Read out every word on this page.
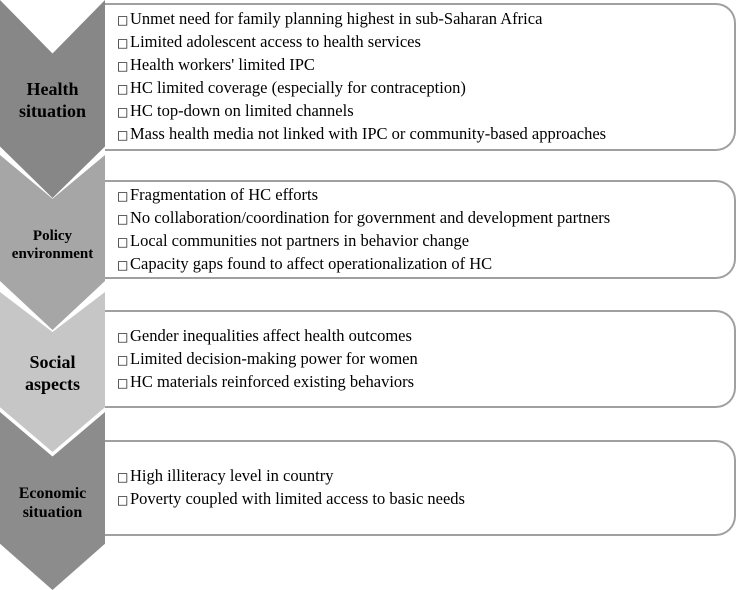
Health
situation
□ Unmet need for family planning highest in sub-Saharan Africa
□ Limited adolescent access to health services
□ Health workers' limited IPC
□ HC limited coverage (especially for contraception)
□ HC top-down on limited channels
□ Mass health media not linked with IPC or community-based approaches
Policy
environment
□ Fragmentation of HC efforts
□ No collaboration/coordination for government and development partners
□ Local communities not partners in behavior change
□ Capacity gaps found to affect operationalization of HC
Social
aspects
□ Gender inequalities affect health outcomes
□ Limited decision-making power for women
□ HC materials reinforced existing behaviors
Economic
situation
□ High illiteracy level in country
□ Poverty coupled with limited access to basic needs
